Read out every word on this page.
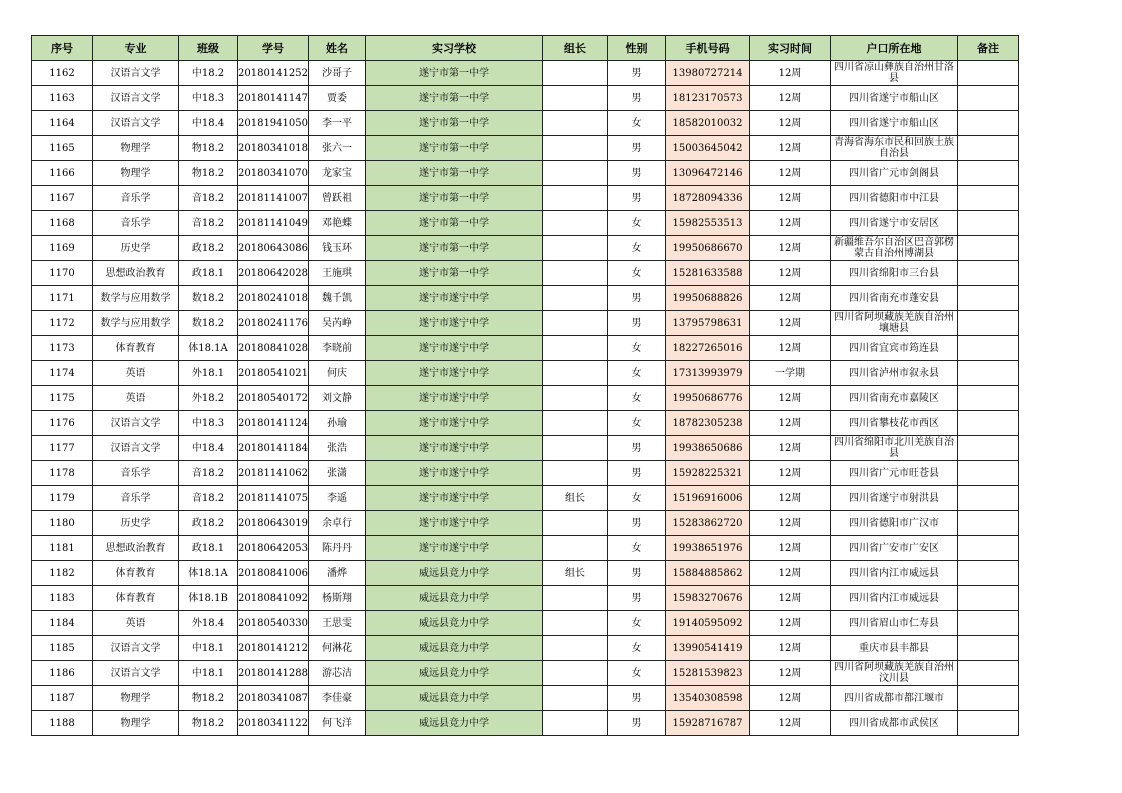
序号	专业	班级	学号	姓名	实习学校	组长	性别	手机号码	实习时间	户口所在地	备注
1162	汉语言文学	中18.2	20180141252	沙哥子	遂宁市第一中学		男	13980727214	12周	四川省凉山彝族自治州甘洛县	
1163	汉语言文学	中18.3	20180141147	贾委	遂宁市第一中学		男	18123170573	12周	四川省遂宁市船山区	
1164	汉语言文学	中18.4	20181941050	李一平	遂宁市第一中学		女	18582010032	12周	四川省遂宁市船山区	
1165	物理学	物18.2	20180341018	张六一	遂宁市第一中学		男	15003645042	12周	青海省海东市民和回族土族自治县	
1166	物理学	物18.2	20180341070	龙家宝	遂宁市第一中学		男	13096472146	12周	四川省广元市剑阁县	
1167	音乐学	音18.2	20181141007	曾跃祖	遂宁市第一中学		男	18728094336	12周	四川省德阳市中江县	
1168	音乐学	音18.2	20181141049	邓艳蝶	遂宁市第一中学		女	15982553513	12周	四川省遂宁市安居区	
1169	历史学	政18.2	20180643086	钱玉环	遂宁市第一中学		女	19950686670	12周	新疆维吾尔自治区巴音郭楞蒙古自治州博湖县	
1170	思想政治教育	政18.1	20180642028	王施琪	遂宁市第一中学		女	15281633588	12周	四川省绵阳市三台县	
1171	数学与应用数学	数18.2	20180241018	魏千凯	遂宁市遂宁中学		男	19950688826	12周	四川省南充市蓬安县	
1172	数学与应用数学	数18.2	20180241176	吴芮峥	遂宁市遂宁中学		男	13795798631	12周	四川省阿坝藏族羌族自治州壤塘县	
1173	体育教育	体18.1A	20180841028	李晓前	遂宁市遂宁中学		女	18227265016	12周	四川省宜宾市筠连县	
1174	英语	外18.1	20180541021	何庆	遂宁市遂宁中学		女	17313993979	一学期	四川省泸州市叙永县	
1175	英语	外18.2	20180540172	刘文静	遂宁市遂宁中学		女	19950686776	12周	四川省南充市嘉陵区	
1176	汉语言文学	中18.3	20180141124	孙瑜	遂宁市遂宁中学		女	18782305238	12周	四川省攀枝花市西区	
1177	汉语言文学	中18.4	20180141184	张浩	遂宁市遂宁中学		男	19938650686	12周	四川省绵阳市北川羌族自治县	
1178	音乐学	音18.2	20181141062	张潇	遂宁市遂宁中学		男	15928225321	12周	四川省广元市旺苍县	
1179	音乐学	音18.2	20181141075	李遥	遂宁市遂宁中学	组长	女	15196916006	12周	四川省遂宁市射洪县	
1180	历史学	政18.2	20180643019	余卓行	遂宁市遂宁中学		男	15283862720	12周	四川省德阳市广汉市	
1181	思想政治教育	政18.1	20180642053	陈丹丹	遂宁市遂宁中学		女	19938651976	12周	四川省广安市广安区	
1182	体育教育	体18.1A	20180841006	潘烨	威远县竞力中学	组长	男	15884885862	12周	四川省内江市威远县	
1183	体育教育	体18.1B	20180841092	杨斯翔	威远县竞力中学		男	15983270676	12周	四川省内江市威远县	
1184	英语	外18.4	20180540330	王思雯	威远县竞力中学		女	19140595092	12周	四川省眉山市仁寿县	
1185	汉语言文学	中18.1	20180141212	何淋花	威远县竞力中学		女	13990541419	12周	重庆市县丰都县	
1186	汉语言文学	中18.1	20180141288	游芯洁	威远县竞力中学		女	15281539823	12周	四川省阿坝藏族羌族自治州汶川县	
1187	物理学	物18.2	20180341087	李佳豪	威远县竞力中学		男	13540308598	12周	四川省成都市都江堰市	
1188	物理学	物18.2	20180341122	何飞洋	威远县竞力中学		男	15928716787	12周	四川省成都市武侯区	
